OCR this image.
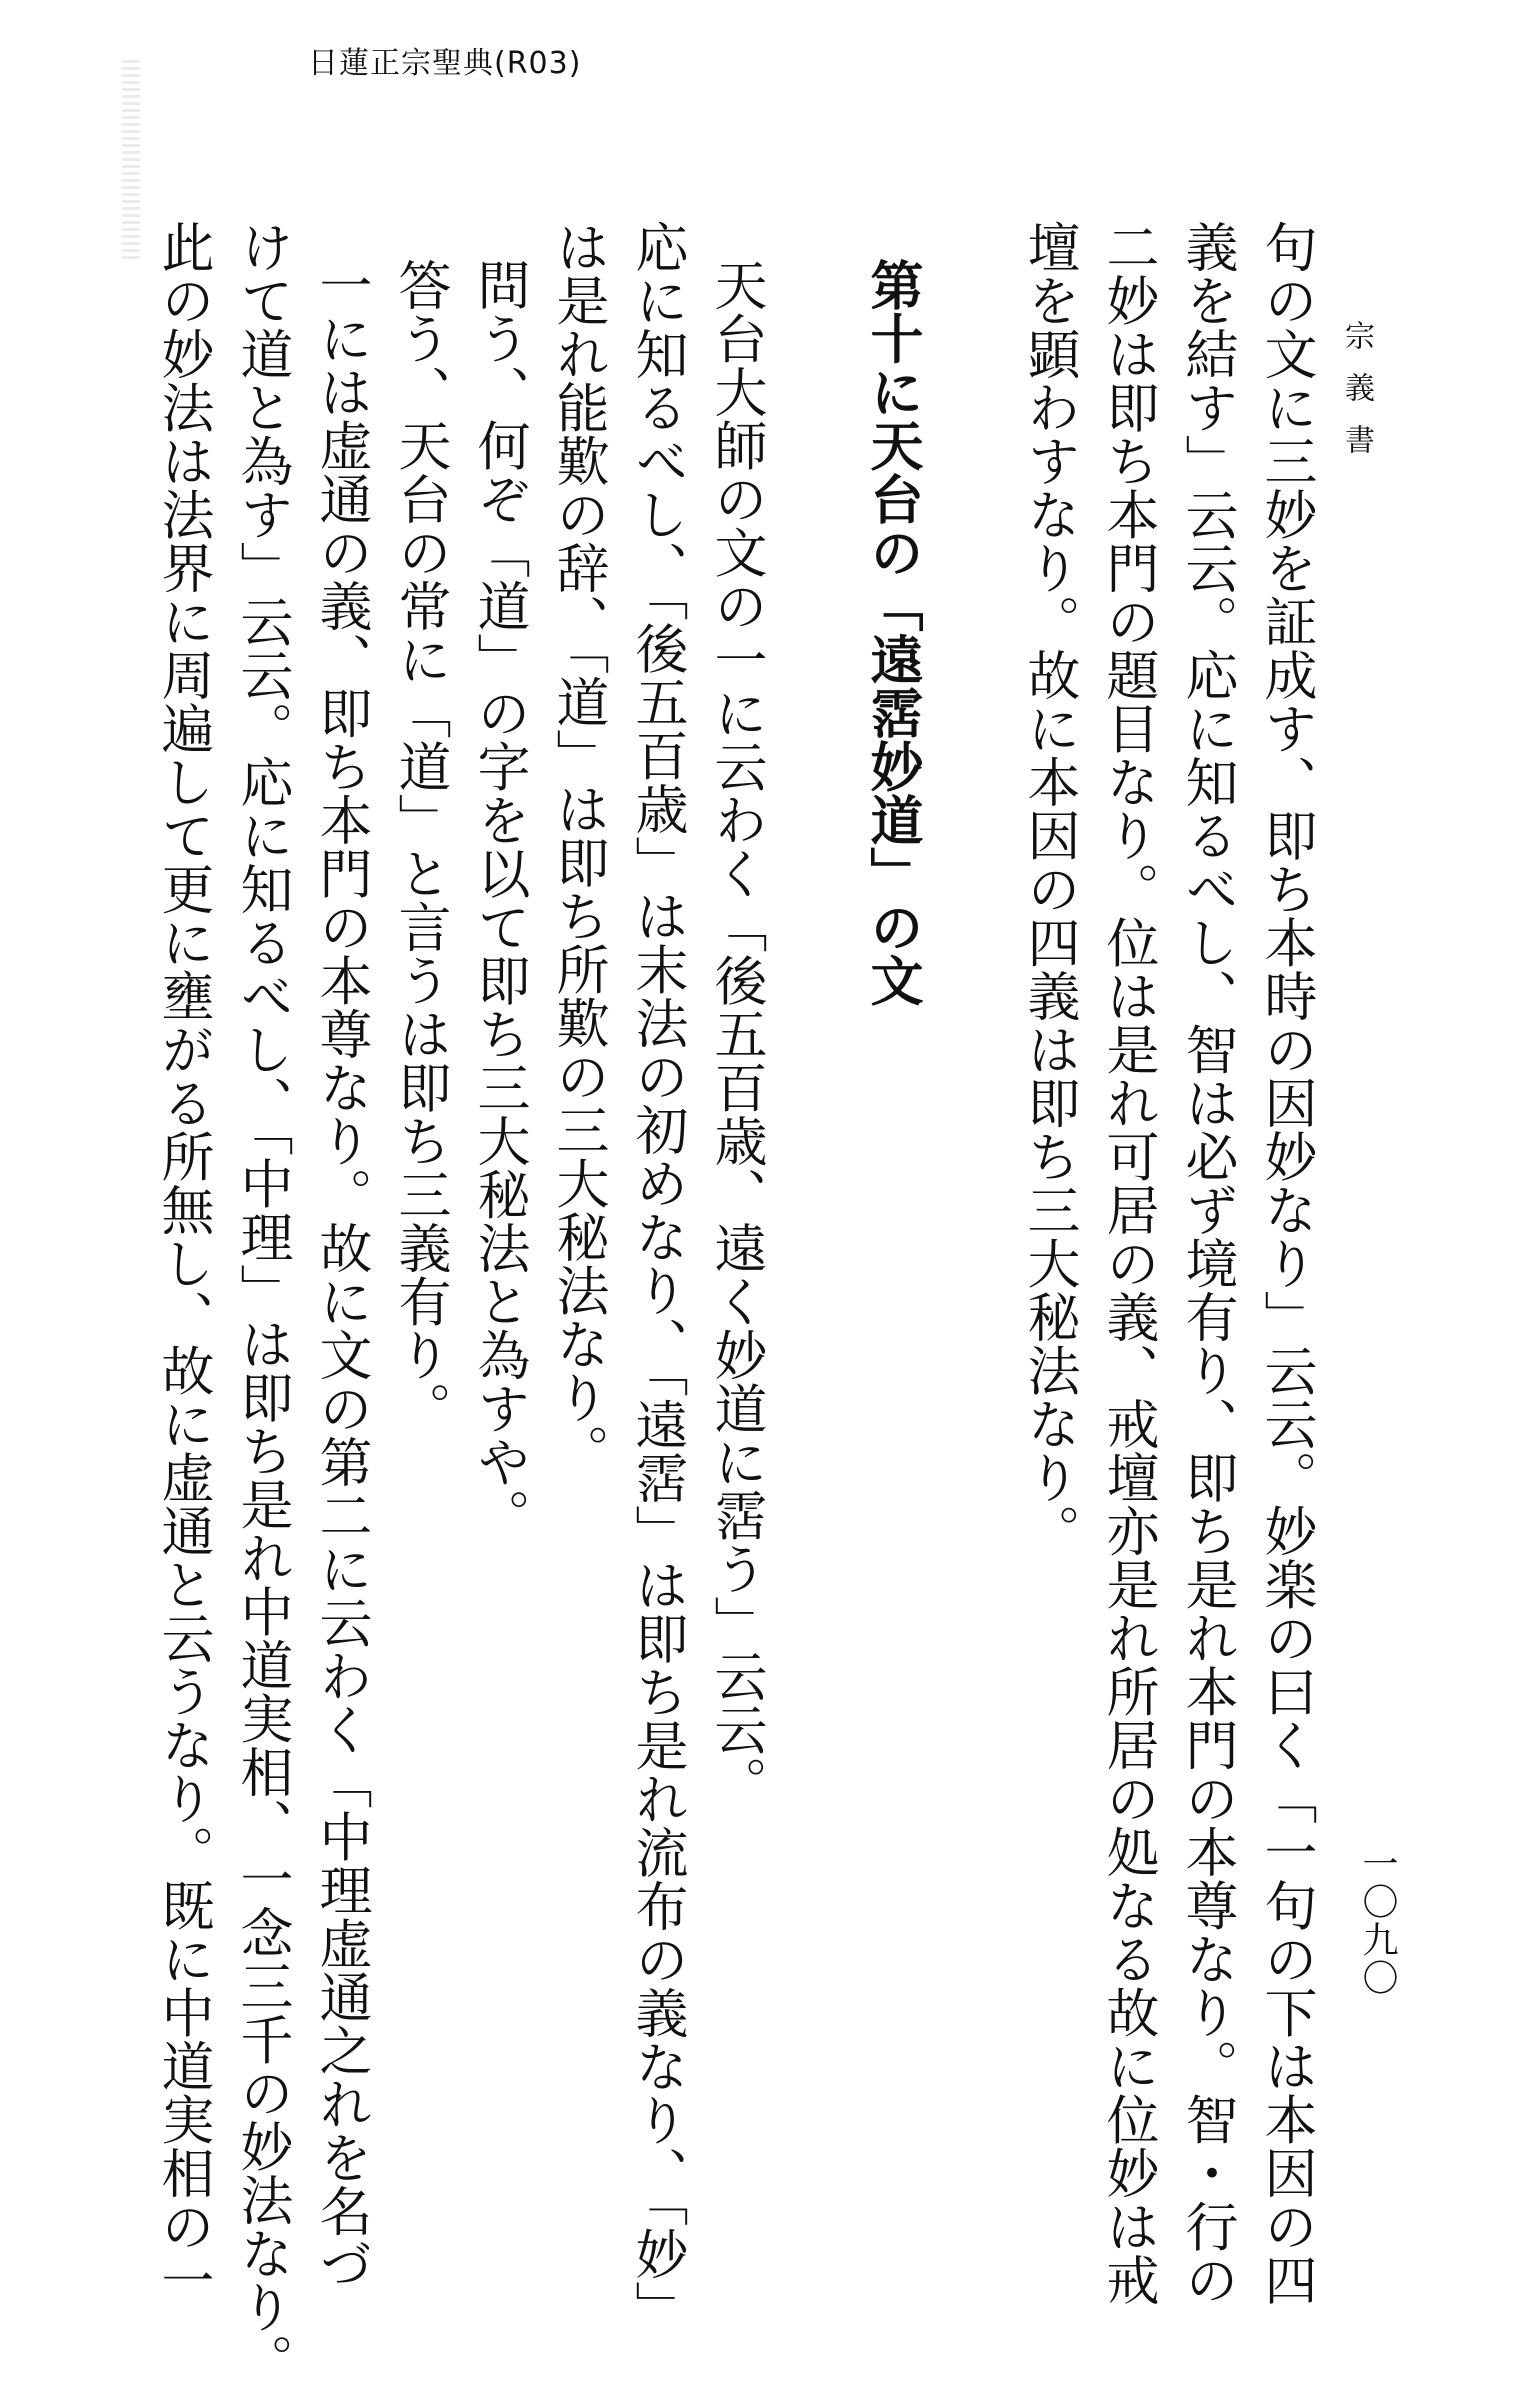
日蓮正宗聖典(R03)
宗義書
一〇九〇
句の文に三妙を証成す、即ち本時の因妙なり」云云。妙楽の曰く「一句の下は本因の四
義を結す」云云。応に知るべし、智は必ず境有り、即ち是れ本門の本尊なり。智・行の
二妙は即ち本門の題目なり。位は是れ可居の義、戒壇亦是れ所居の処なる故に位妙は戒
壇を顕わすなり。故に本因の四義は即ち三大秘法なり。
第十に天台の「遠霑妙道」の文
天台大師の文の一に云わく「後五百歳、遠く妙道に霑う」云云。
応に知るべし、「後五百歳」は末法の初めなり、「遠霑」は即ち是れ流布の義なり、「妙」
は是れ能歎の辞、「道」は即ち所歎の三大秘法なり。
問う、何ぞ「道」の字を以て即ち三大秘法と為すや。
答う、天台の常に「道」と言うは即ち三義有り。
一には虚通の義、即ち本門の本尊なり。故に文の第二に云わく「中理虚通之れを名づ
けて道と為す」云云。応に知るべし、「中理」は即ち是れ中道実相、一念三千の妙法なり。
此の妙法は法界に周遍して更に壅がる所無し、故に虚通と云うなり。既に中道実相の一
